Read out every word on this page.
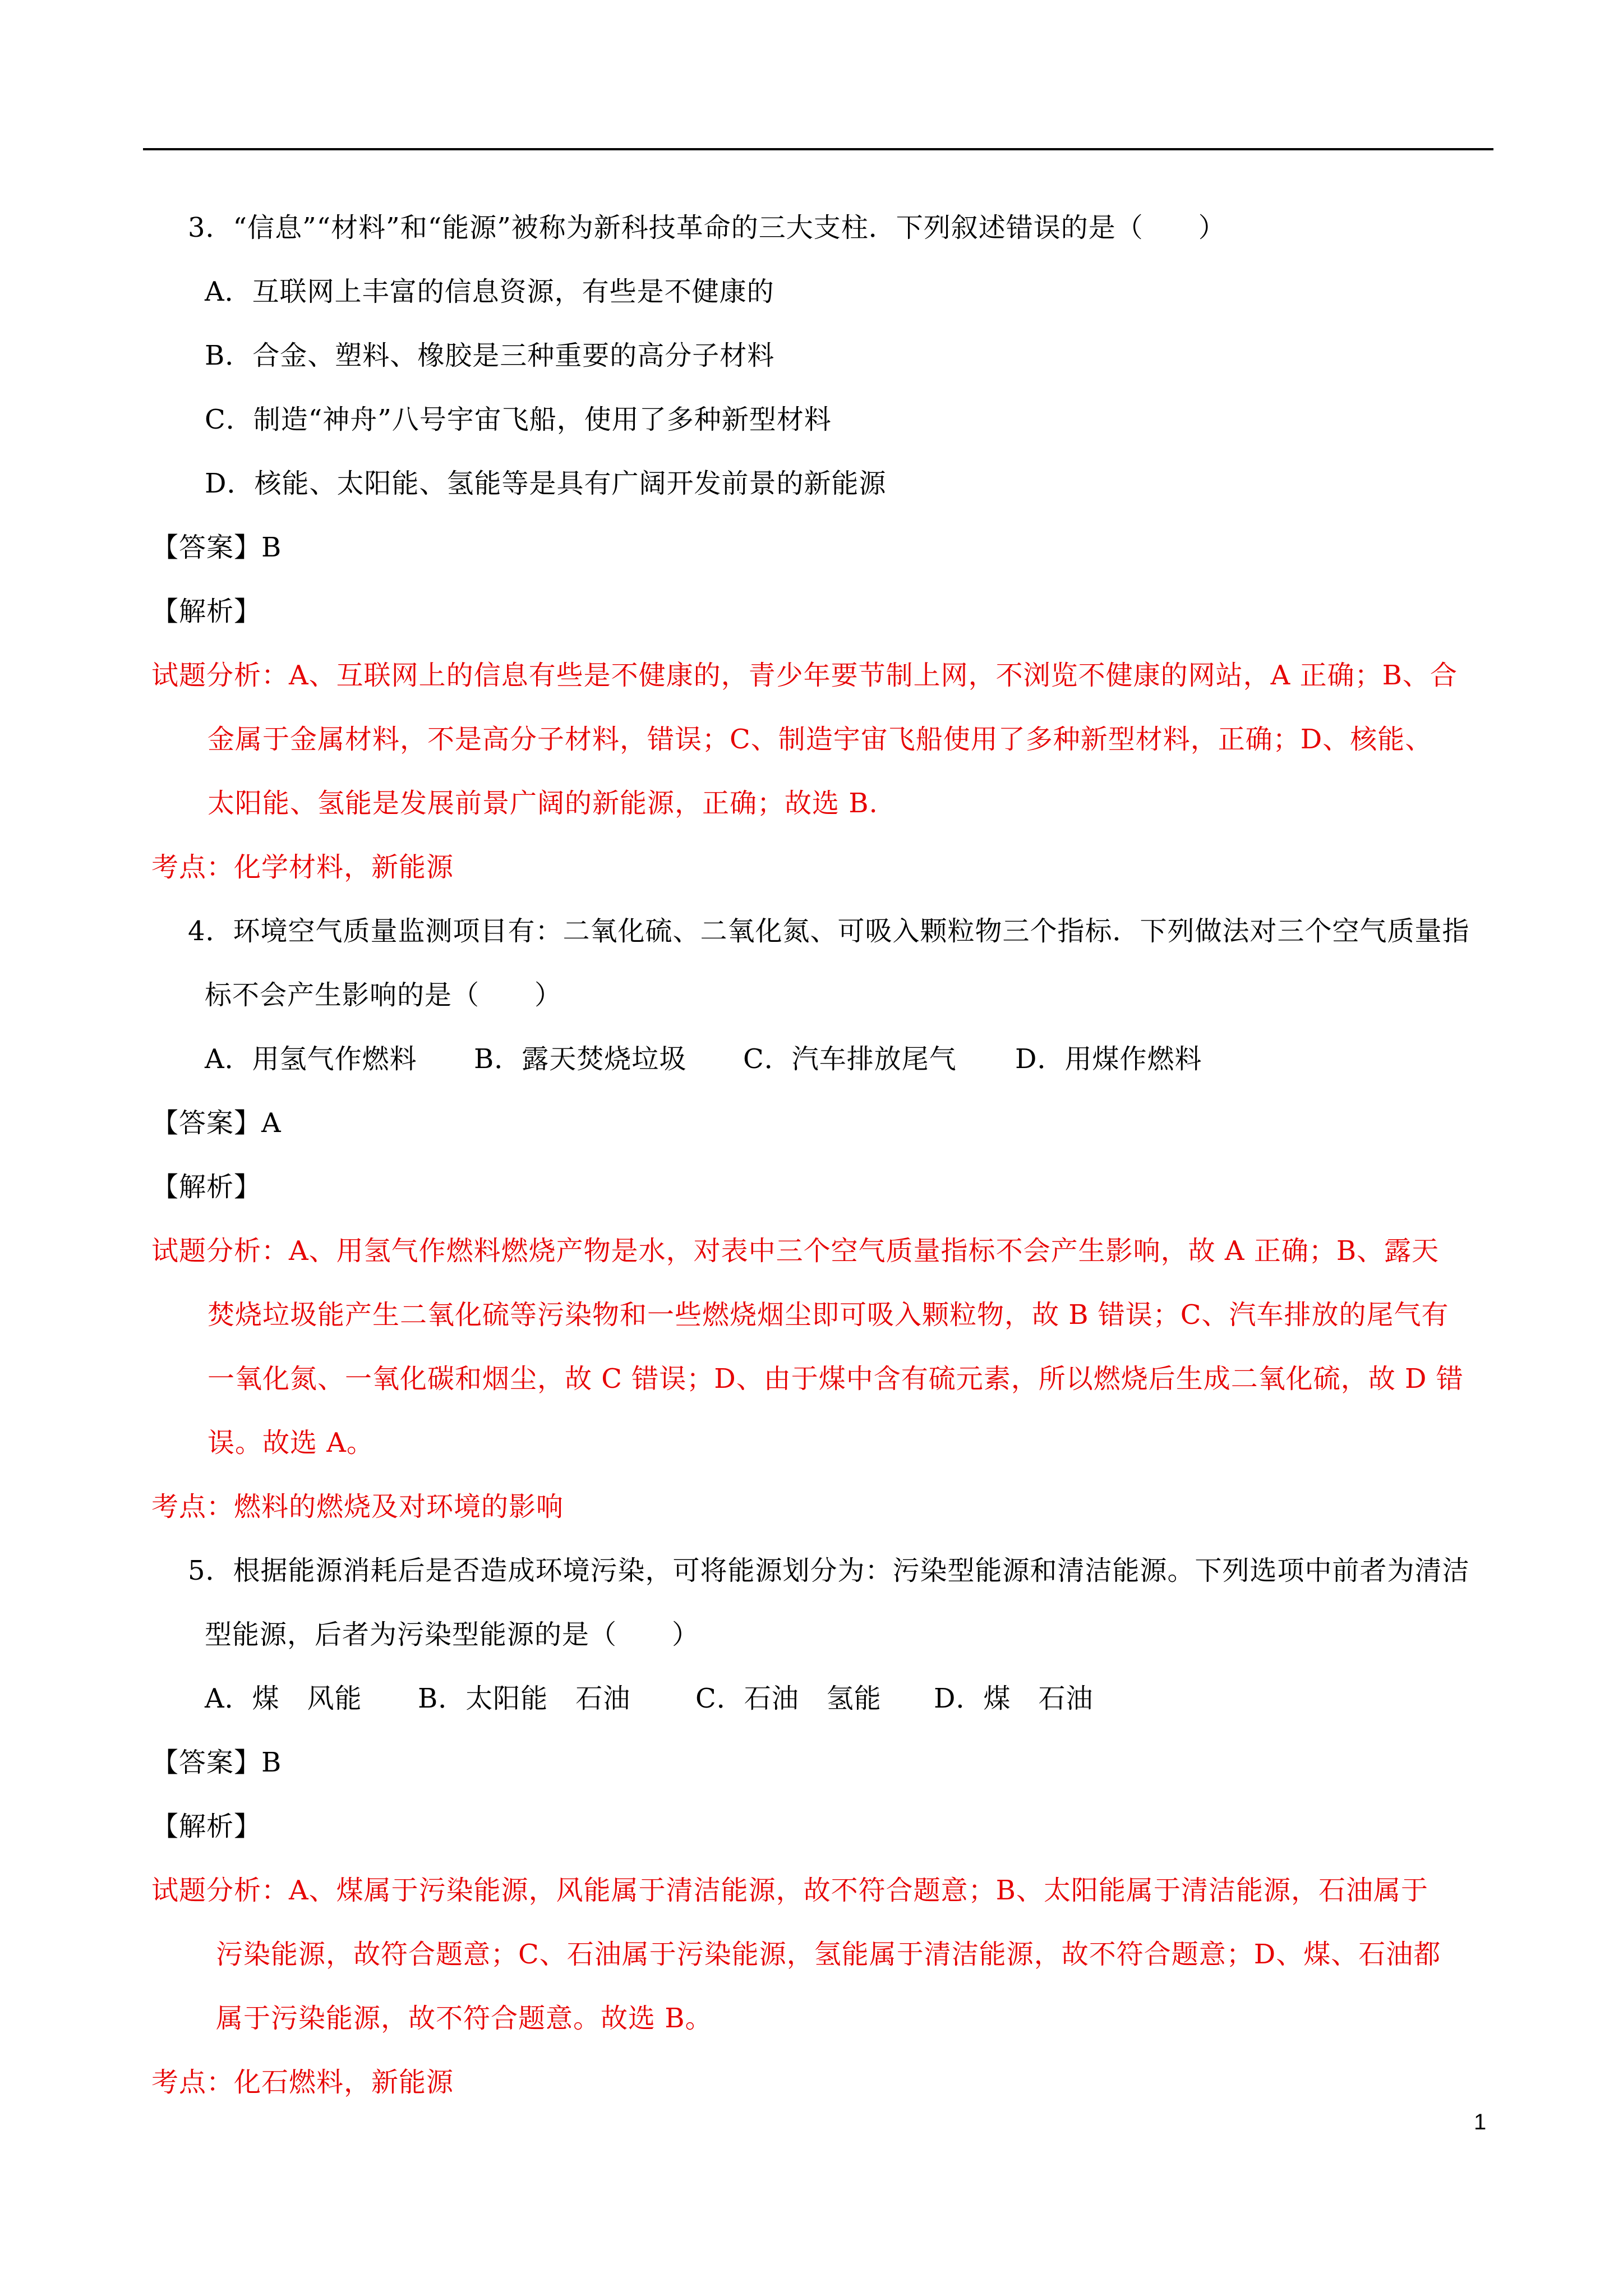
3．“信息”“材料”和“能源”被称为新科技革命的三大支柱．下列叙述错误的是（　　）
A．互联网上丰富的信息资源，有些是不健康的
B．合金、塑料、橡胶是三种重要的高分子材料
C．制造“神舟”八号宇宙飞船，使用了多种新型材料
D．核能、太阳能、氢能等是具有广阔开发前景的新能源
【答案】B
【解析】
试题分析：A、互联网上的信息有些是不健康的，青少年要节制上网，不浏览不健康的网站，A 正确；B、合
金属于金属材料，不是高分子材料，错误；C、制造宇宙飞船使用了多种新型材料，正确；D、核能、
太阳能、氢能是发展前景广阔的新能源，正确；故选 B.
考点：化学材料，新能源
4．环境空气质量监测项目有：二氧化硫、二氧化氮、可吸入颗粒物三个指标．下列做法对三个空气质量指
标不会产生影响的是（　　）
A．用氢气作燃料 B．露天焚烧垃圾 C．汽车排放尾气 D．用煤作燃料
【答案】A
【解析】
试题分析：A、用氢气作燃料燃烧产物是水，对表中三个空气质量指标不会产生影响，故 A 正确；B、露天
焚烧垃圾能产生二氧化硫等污染物和一些燃烧烟尘即可吸入颗粒物，故 B 错误；C、汽车排放的尾气有
一氧化氮、一氧化碳和烟尘，故 C 错误；D、由于煤中含有硫元素，所以燃烧后生成二氧化硫，故 D 错
误。故选 A。
考点：燃料的燃烧及对环境的影响
5．根据能源消耗后是否造成环境污染，可将能源划分为：污染型能源和清洁能源。下列选项中前者为清洁
型能源，后者为污染型能源的是（　　）
A．煤　风能 B．太阳能　石油 C．石油　氢能 D．煤　石油
【答案】B
【解析】
试题分析：A、煤属于污染能源，风能属于清洁能源，故不符合题意；B、太阳能属于清洁能源，石油属于
污染能源，故符合题意；C、石油属于污染能源，氢能属于清洁能源，故不符合题意；D、煤、石油都
属于污染能源，故不符合题意。故选 B。
考点：化石燃料，新能源
1
